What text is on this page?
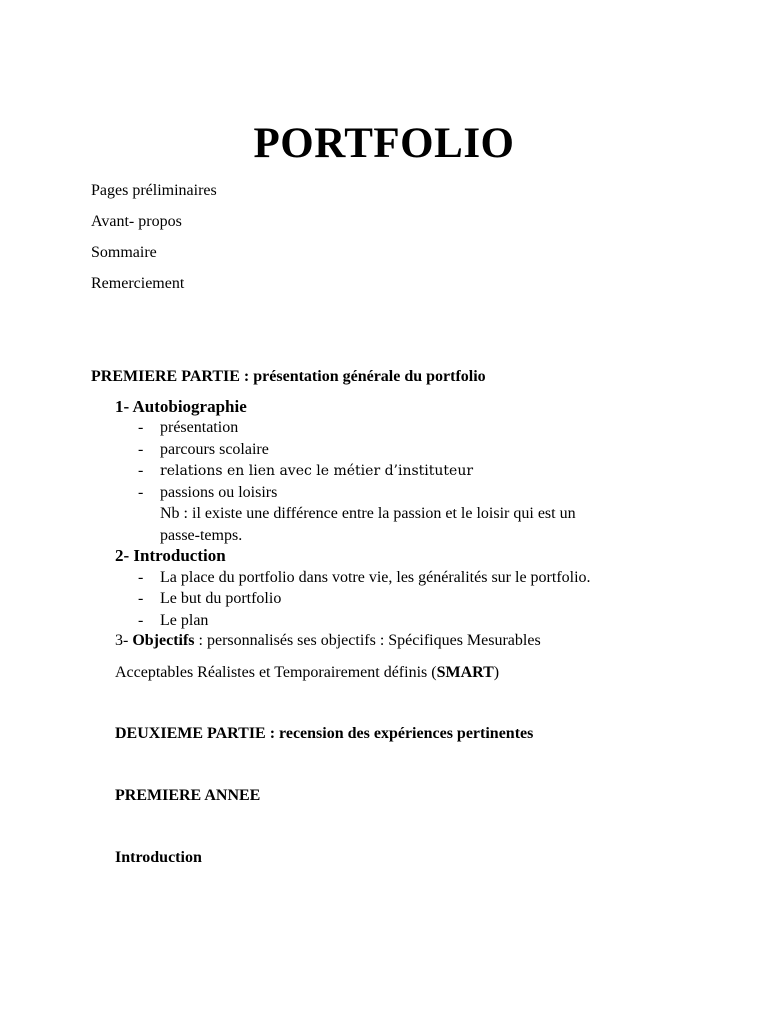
PORTFOLIO
Pages préliminaires
Avant- propos
Sommaire
Remerciement
PREMIERE PARTIE : présentation générale du portfolio
1- Autobiographie
- présentation
- parcours scolaire
- relations en lien avec le métier d’instituteur
- passions ou loisirs
Nb : il existe une différence entre la passion et le loisir qui est un
passe-temps.
2- Introduction
- La place du portfolio dans votre vie, les généralités sur le portfolio.
- Le but du portfolio
- Le plan
3- Objectifs : personnalisés ses objectifs : Spécifiques Mesurables
Acceptables Réalistes et Temporairement définis (SMART)
DEUXIEME PARTIE : recension des expériences pertinentes
PREMIERE ANNEE
Introduction
